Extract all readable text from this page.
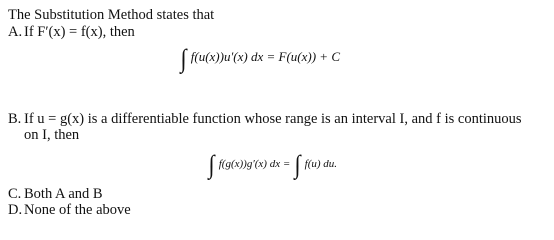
The Substitution Method states that
A. If F′(x) = f(x), then
∫ f(u(x))u′(x) dx = F(u(x)) + C
B. If u = g(x) is a differentiable function whose range is an interval I, and f is continuous
on I, then
∫ f(g(x))g′(x) dx = ∫ f(u) du.
C. Both A and B
D. None of the above
